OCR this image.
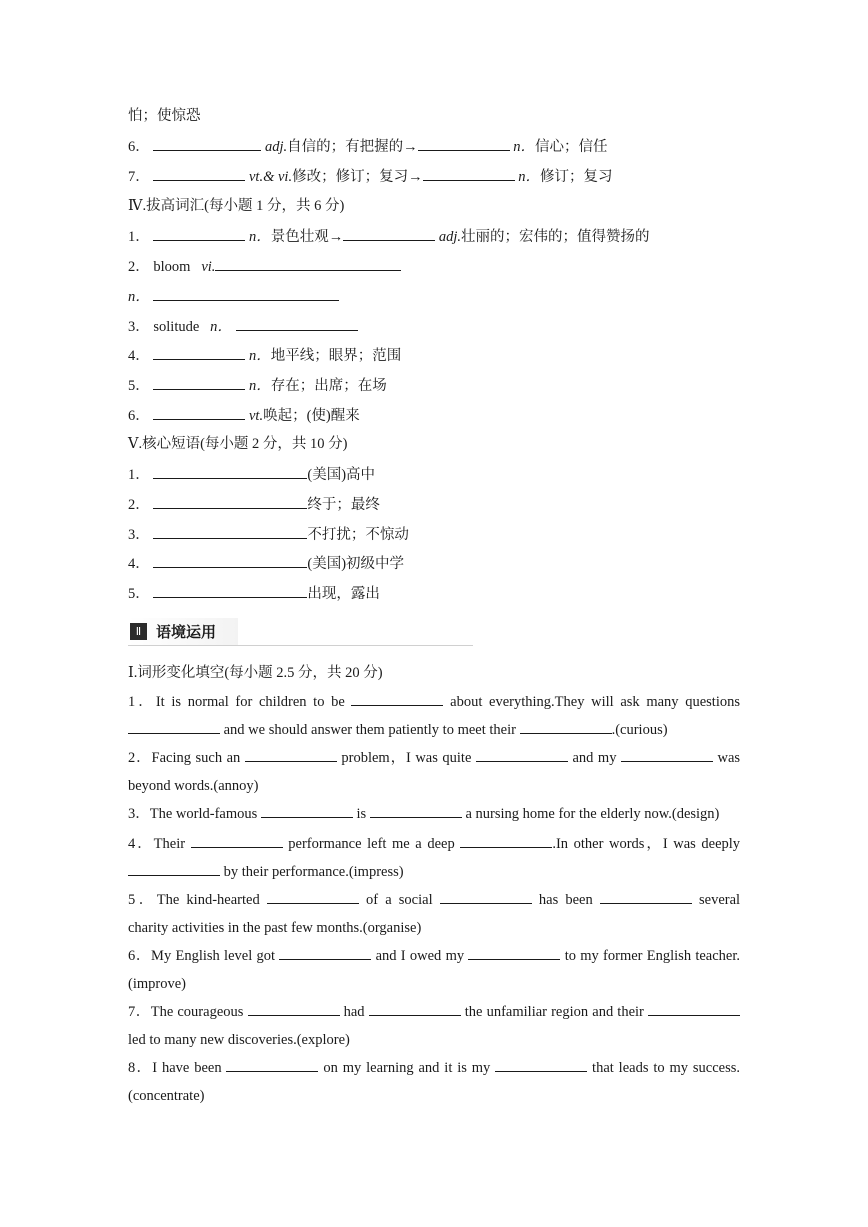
怕；使惊恐
6．	adj.自信的；有把握的→	n．信心；信任
7．	vt.& vi.修改；修订；复习→	n．修订；复习
Ⅳ.拔高词汇(每小题 1 分，共 6 分)
1．	n．景色壮观→	adj.壮丽的；宏伟的；值得赞扬的
2． bloom vi.
n．
3． solitude n．
4．	n．地平线；眼界；范围
5．	n．存在；出席；在场
6．	vt.唤起；(使)醒来
Ⅴ.核心短语(每小题 2 分，共 10 分)
1．	(美国)高中
2．	终于；最终
3．	不打扰；不惊动
4．	(美国)初级中学
5．	出现，露出
Ⅱ 语境运用
Ⅰ.词形变化填空(每小题 2.5 分，共 20 分)
1．It is normal for children to be	about everything.They will ask many questions  and we should answer them patiently to meet their	.(curious)
2．Facing such an	problem，I was quite	and my	was beyond words.(annoy)
3．The world-famous	is	a nursing home for the elderly now.(design)
4．Their	performance left me a deep	.In other words，I was deeply  by their performance.(impress)
5．The kind-hearted	of a social	has been	several charity activities in the past few months.(organise)
6．My English level got	and I owed my	to my former English teacher.(improve)
7．The courageous	had	the unfamiliar region and their  led to many new discoveries.(explore)
8．I have been	on my learning and it is my	that leads to my success.(concentrate)
